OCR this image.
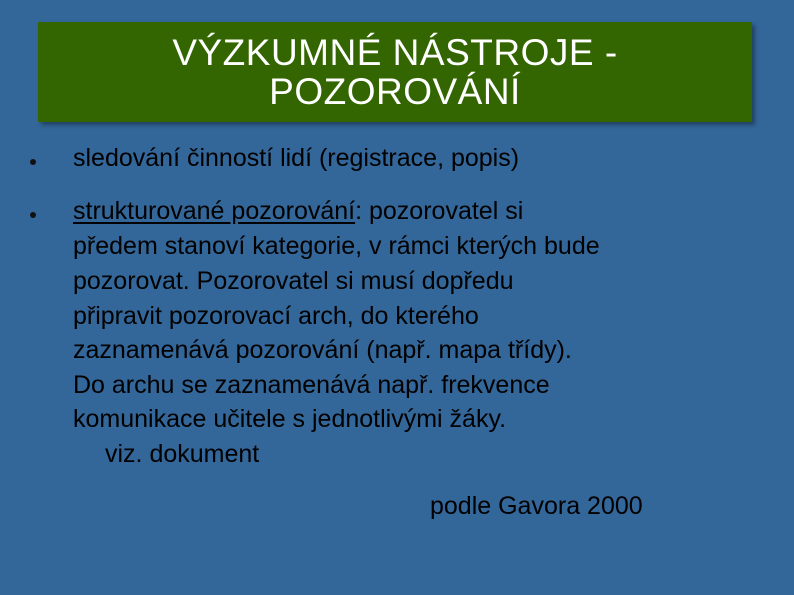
VÝZKUMNÉ NÁSTROJE -
POZOROVÁNÍ
sledování činností lidí (registrace, popis)
strukturované pozorování: pozorovatel si
předem stanoví kategorie, v rámci kterých bude
pozorovat. Pozorovatel si musí dopředu
připravit pozorovací arch, do kterého
zaznamenává pozorování (např. mapa třídy).
Do archu se zaznamenává např. frekvence
komunikace učitele s jednotlivými žáky.
viz. dokument
podle Gavora 2000
